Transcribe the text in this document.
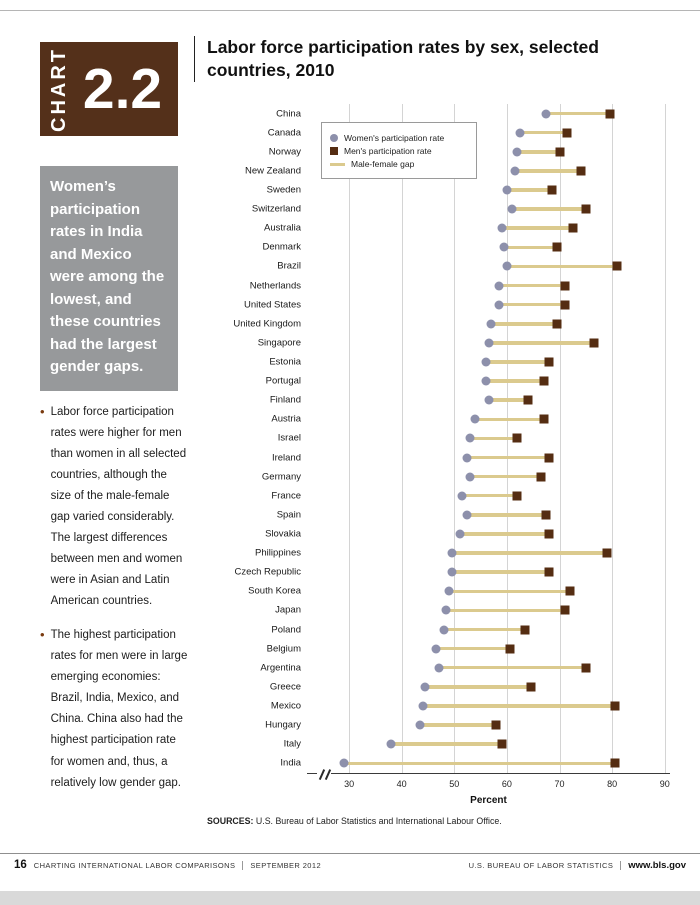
CHART 2.2
Labor force participation rates by sex, selected countries, 2010
Women’s participation rates in India and Mexico were among the lowest, and these countries had the largest gender gaps.
• Labor force participation rates were higher for men than women in all selected countries, although the size of the male-female gap varied considerably. The largest differences between men and women were in Asian and Latin American countries.
• The highest participation rates for men were in large emerging economies: Brazil, India, Mexico, and China. China also had the highest participation rate for women and, thus, a relatively low gender gap.
China
Canada
Norway
New Zealand
Sweden
Switzerland
Australia
Denmark
Brazil
Netherlands
United States
United Kingdom
Singapore
Estonia
Portugal
Finland
Austria
Israel
Ireland
Germany
France
Spain
Slovakia
Philippines
Czech Republic
South Korea
Japan
Poland
Belgium
Argentina
Greece
Mexico
Hungary
Italy
India
Women's participation rate
Men's participation rate
Male-female gap
30	40	50	60	70	80	90
Percent
SOURCES: U.S. Bureau of Labor Statistics and International Labour Office.
16 CHARTING INTERNATIONAL LABOR COMPARISONS SEPTEMBER 2012	U.S. BUREAU OF LABOR STATISTICS www.bls.gov
